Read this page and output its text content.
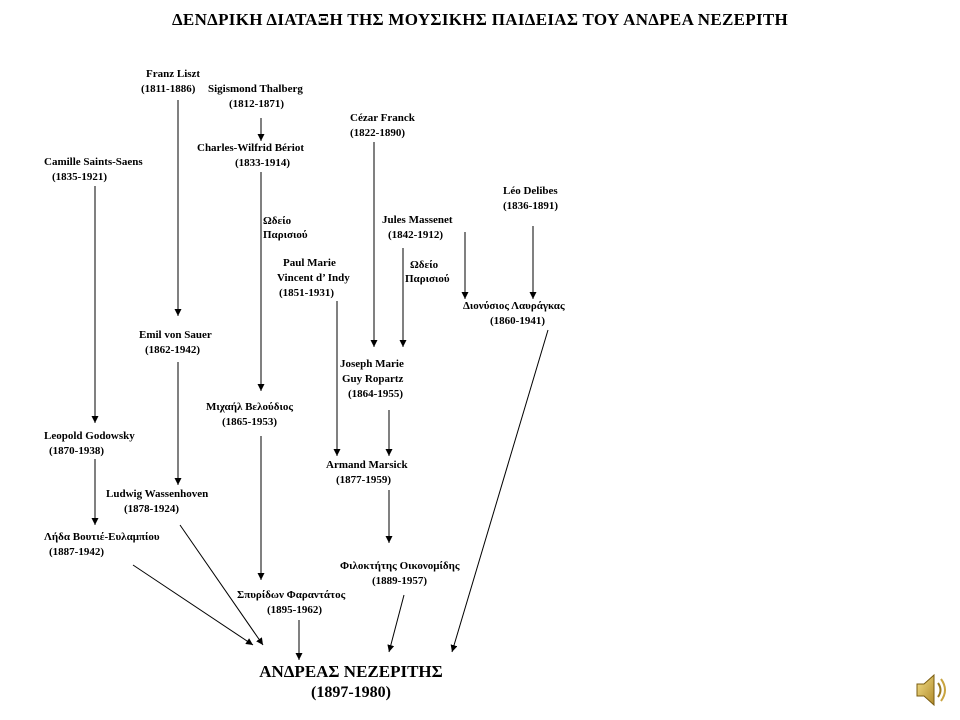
ΔΕΝΔΡΙΚΗ ΔΙΑΤΑΞΗ ΤΗΣ ΜΟΥΣΙΚΗΣ ΠΑΙΔΕΙΑΣ ΤΟΥ ΑΝΔΡΕΑ ΝΕΖΕΡΙΤΗ
Franz Liszt
(1811-1886)	Sigismond Thalberg
(1812-1871)
Cézar Franck
(1822-1890)
Charles-Wilfrid Bériot
(1833-1914)
Camille Saints-Saens
(1835-1921)
Léo Delibes
(1836-1891)
Jules Massenet
(1842-1912)
Paul Marie
Vincent d’ Indy
(1851-1931)
Διονύσιος Λαυράγκας
(1860-1941)
Emil von Sauer
(1862-1942)
Joseph Marie
Guy Ropartz
(1864-1955)
Μιχαήλ Βελούδιος
(1865-1953)
Leopold Godowsky
(1870-1938)
Armand Marsick
(1877-1959)
Ludwig Wassenhoven
(1878-1924)
Λήδα Βουτιέ-Ευλαμπίου
(1887-1942)
Φιλοκτήτης Οικονομίδης
(1889-1957)
Σπυρίδων Φαραντάτος
(1895-1962)
Ωδείο
Παρισιού
Ωδείο
Παρισιού
ΑΝΔΡΕΑΣ ΝΕΖΕΡΙΤΗΣ
(1897-1980)
